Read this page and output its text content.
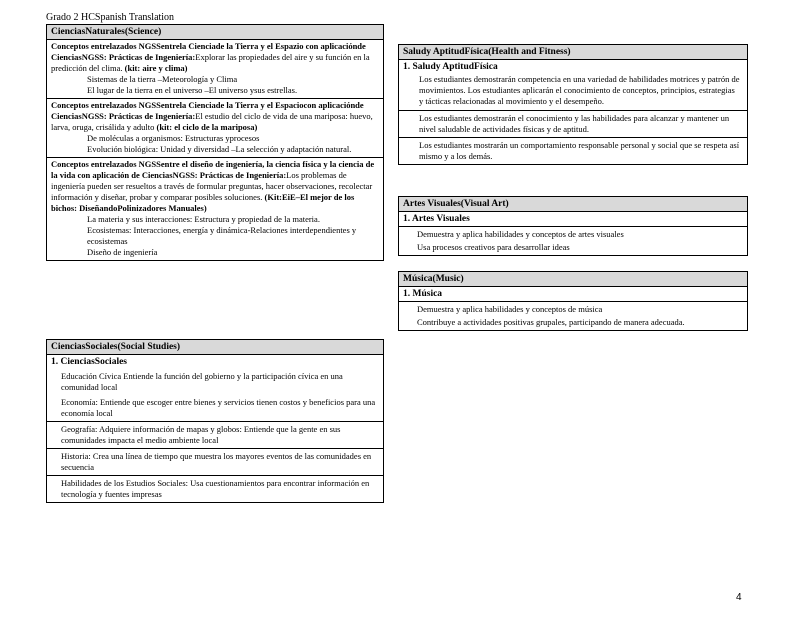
Grado 2 HCSpanish Translation
CienciasNaturales(Science)
Conceptos entrelazados NGSSentrela Cienciade la Tierra y el Espazio con aplicaciónde CienciasNGSS: Prácticas de Ingeniería:Explorar las propiedades del aire y su función en la predicción del clima. (kit: aire y clima)
Sistemas de la tierra –Meteorología y Clima
El lugar de la tierra en el universo –El universo ysus estrellas.
Conceptos entrelazados NGSSentrela Cienciade la Tierra y el Espaciocon aplicaciónde CienciasNGSS: Prácticas de Ingeniería:El estudio del ciclo de vida de una mariposa: huevo, larva, oruga, crisálida y adulto (kit: el ciclo de la mariposa)
De moléculas a organismos: Estructuras yprocesos
Evolución biológica: Unidad y diversidad –La selección y adaptación natural.
Conceptos entrelazados NGSSentre el diseño de ingeniería, la ciencia física y la ciencia de la vida con aplicación de CienciasNGSS: Prácticas de Ingeniería:Los problemas de ingeniería pueden ser resueltos a través de formular preguntas, hacer observaciones, recolectar información y diseñar, probar y comparar posibles soluciones. (Kit:EiE–El mejor de los bichos: DiseñandoPolinizadores Manuales)
La materia y sus interacciones: Estructura y propiedad de la materia.
Ecosistemas: Interacciones, energía y dinámica-Relaciones interdependientes y ecosistemas
Diseño de ingeniería
CienciasSociales(Social Studies)
1. CienciasSociales
Educación Cívica Entiende la función del gobierno y la participación cívica en una comunidad local
Economía: Entiende que escoger entre bienes y servicios tienen costos y beneficios para una economía local
Geografía: Adquiere información de mapas y globos: Entiende que la gente en sus comunidades impacta el medio ambiente local
Historia: Crea una línea de tiempo que muestra los mayores eventos de las comunidades en secuencia
Habilidades de los Estudios Sociales: Usa cuestionamientos para encontrar información en tecnología y fuentes impresas
Saludy AptitudFísica(Health and Fitness)
1. Saludy AptitudFísica
Los estudiantes demostrarán competencia en una variedad de habilidades motrices y patrón de movimientos. Los estudiantes aplicarán el conocimiento de conceptos, principios, estrategias y tácticas relacionadas al movimiento y el desempeño.
Los estudiantes demostrarán el conocimiento y las habilidades para alcanzar y mantener un nivel saludable de actividades físicas y de aptitud.
Los estudiantes mostrarán un comportamiento responsable personal y social que se respeta así mismo y a los demás.
Artes Visuales(Visual Art)
1. Artes Visuales
Demuestra y aplica habilidades y conceptos de artes visuales
Usa procesos creativos para desarrollar ideas
Música(Music)
1. Música
Demuestra y aplica habilidades y conceptos de música
Contribuye a actividades positivas grupales, participando de manera adecuada.
4
